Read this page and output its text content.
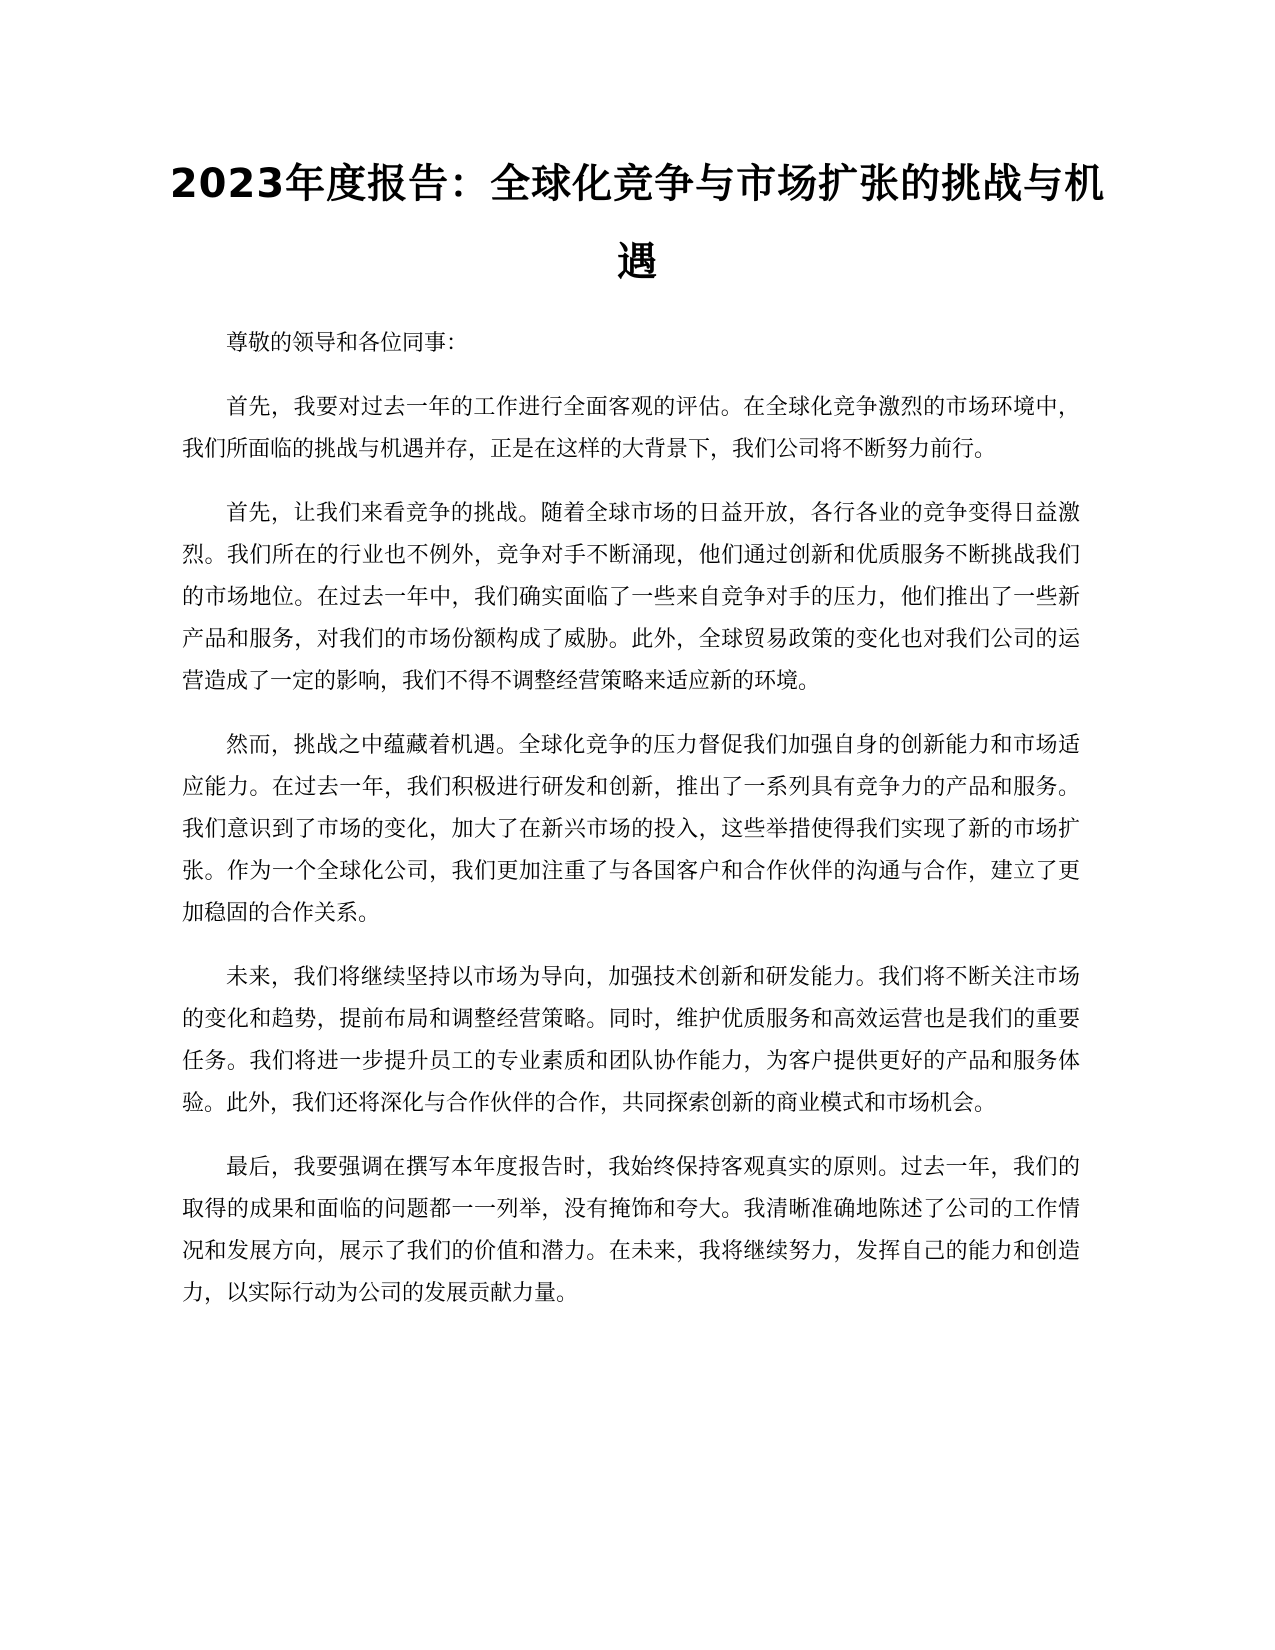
2023年度报告：全球化竞争与市场扩张的挑战与机遇

尊敬的领导和各位同事：

首先，我要对过去一年的工作进行全面客观的评估。在全球化竞争激烈的市场环境中，我们所面临的挑战与机遇并存，正是在这样的大背景下，我们公司将不断努力前行。

首先，让我们来看竞争的挑战。随着全球市场的日益开放，各行各业的竞争变得日益激烈。我们所在的行业也不例外，竞争对手不断涌现，他们通过创新和优质服务不断挑战我们的市场地位。在过去一年中，我们确实面临了一些来自竞争对手的压力，他们推出了一些新产品和服务，对我们的市场份额构成了威胁。此外，全球贸易政策的变化也对我们公司的运营造成了一定的影响，我们不得不调整经营策略来适应新的环境。

然而，挑战之中蕴藏着机遇。全球化竞争的压力督促我们加强自身的创新能力和市场适应能力。在过去一年，我们积极进行研发和创新，推出了一系列具有竞争力的产品和服务。我们意识到了市场的变化，加大了在新兴市场的投入，这些举措使得我们实现了新的市场扩张。作为一个全球化公司，我们更加注重了与各国客户和合作伙伴的沟通与合作，建立了更加稳固的合作关系。

未来，我们将继续坚持以市场为导向，加强技术创新和研发能力。我们将不断关注市场的变化和趋势，提前布局和调整经营策略。同时，维护优质服务和高效运营也是我们的重要任务。我们将进一步提升员工的专业素质和团队协作能力，为客户提供更好的产品和服务体验。此外，我们还将深化与合作伙伴的合作，共同探索创新的商业模式和市场机会。

最后，我要强调在撰写本年度报告时，我始终保持客观真实的原则。过去一年，我们的取得的成果和面临的问题都一一列举，没有掩饰和夸大。我清晰准确地陈述了公司的工作情况和发展方向，展示了我们的价值和潜力。在未来，我将继续努力，发挥自己的能力和创造力，以实际行动为公司的发展贡献力量。
